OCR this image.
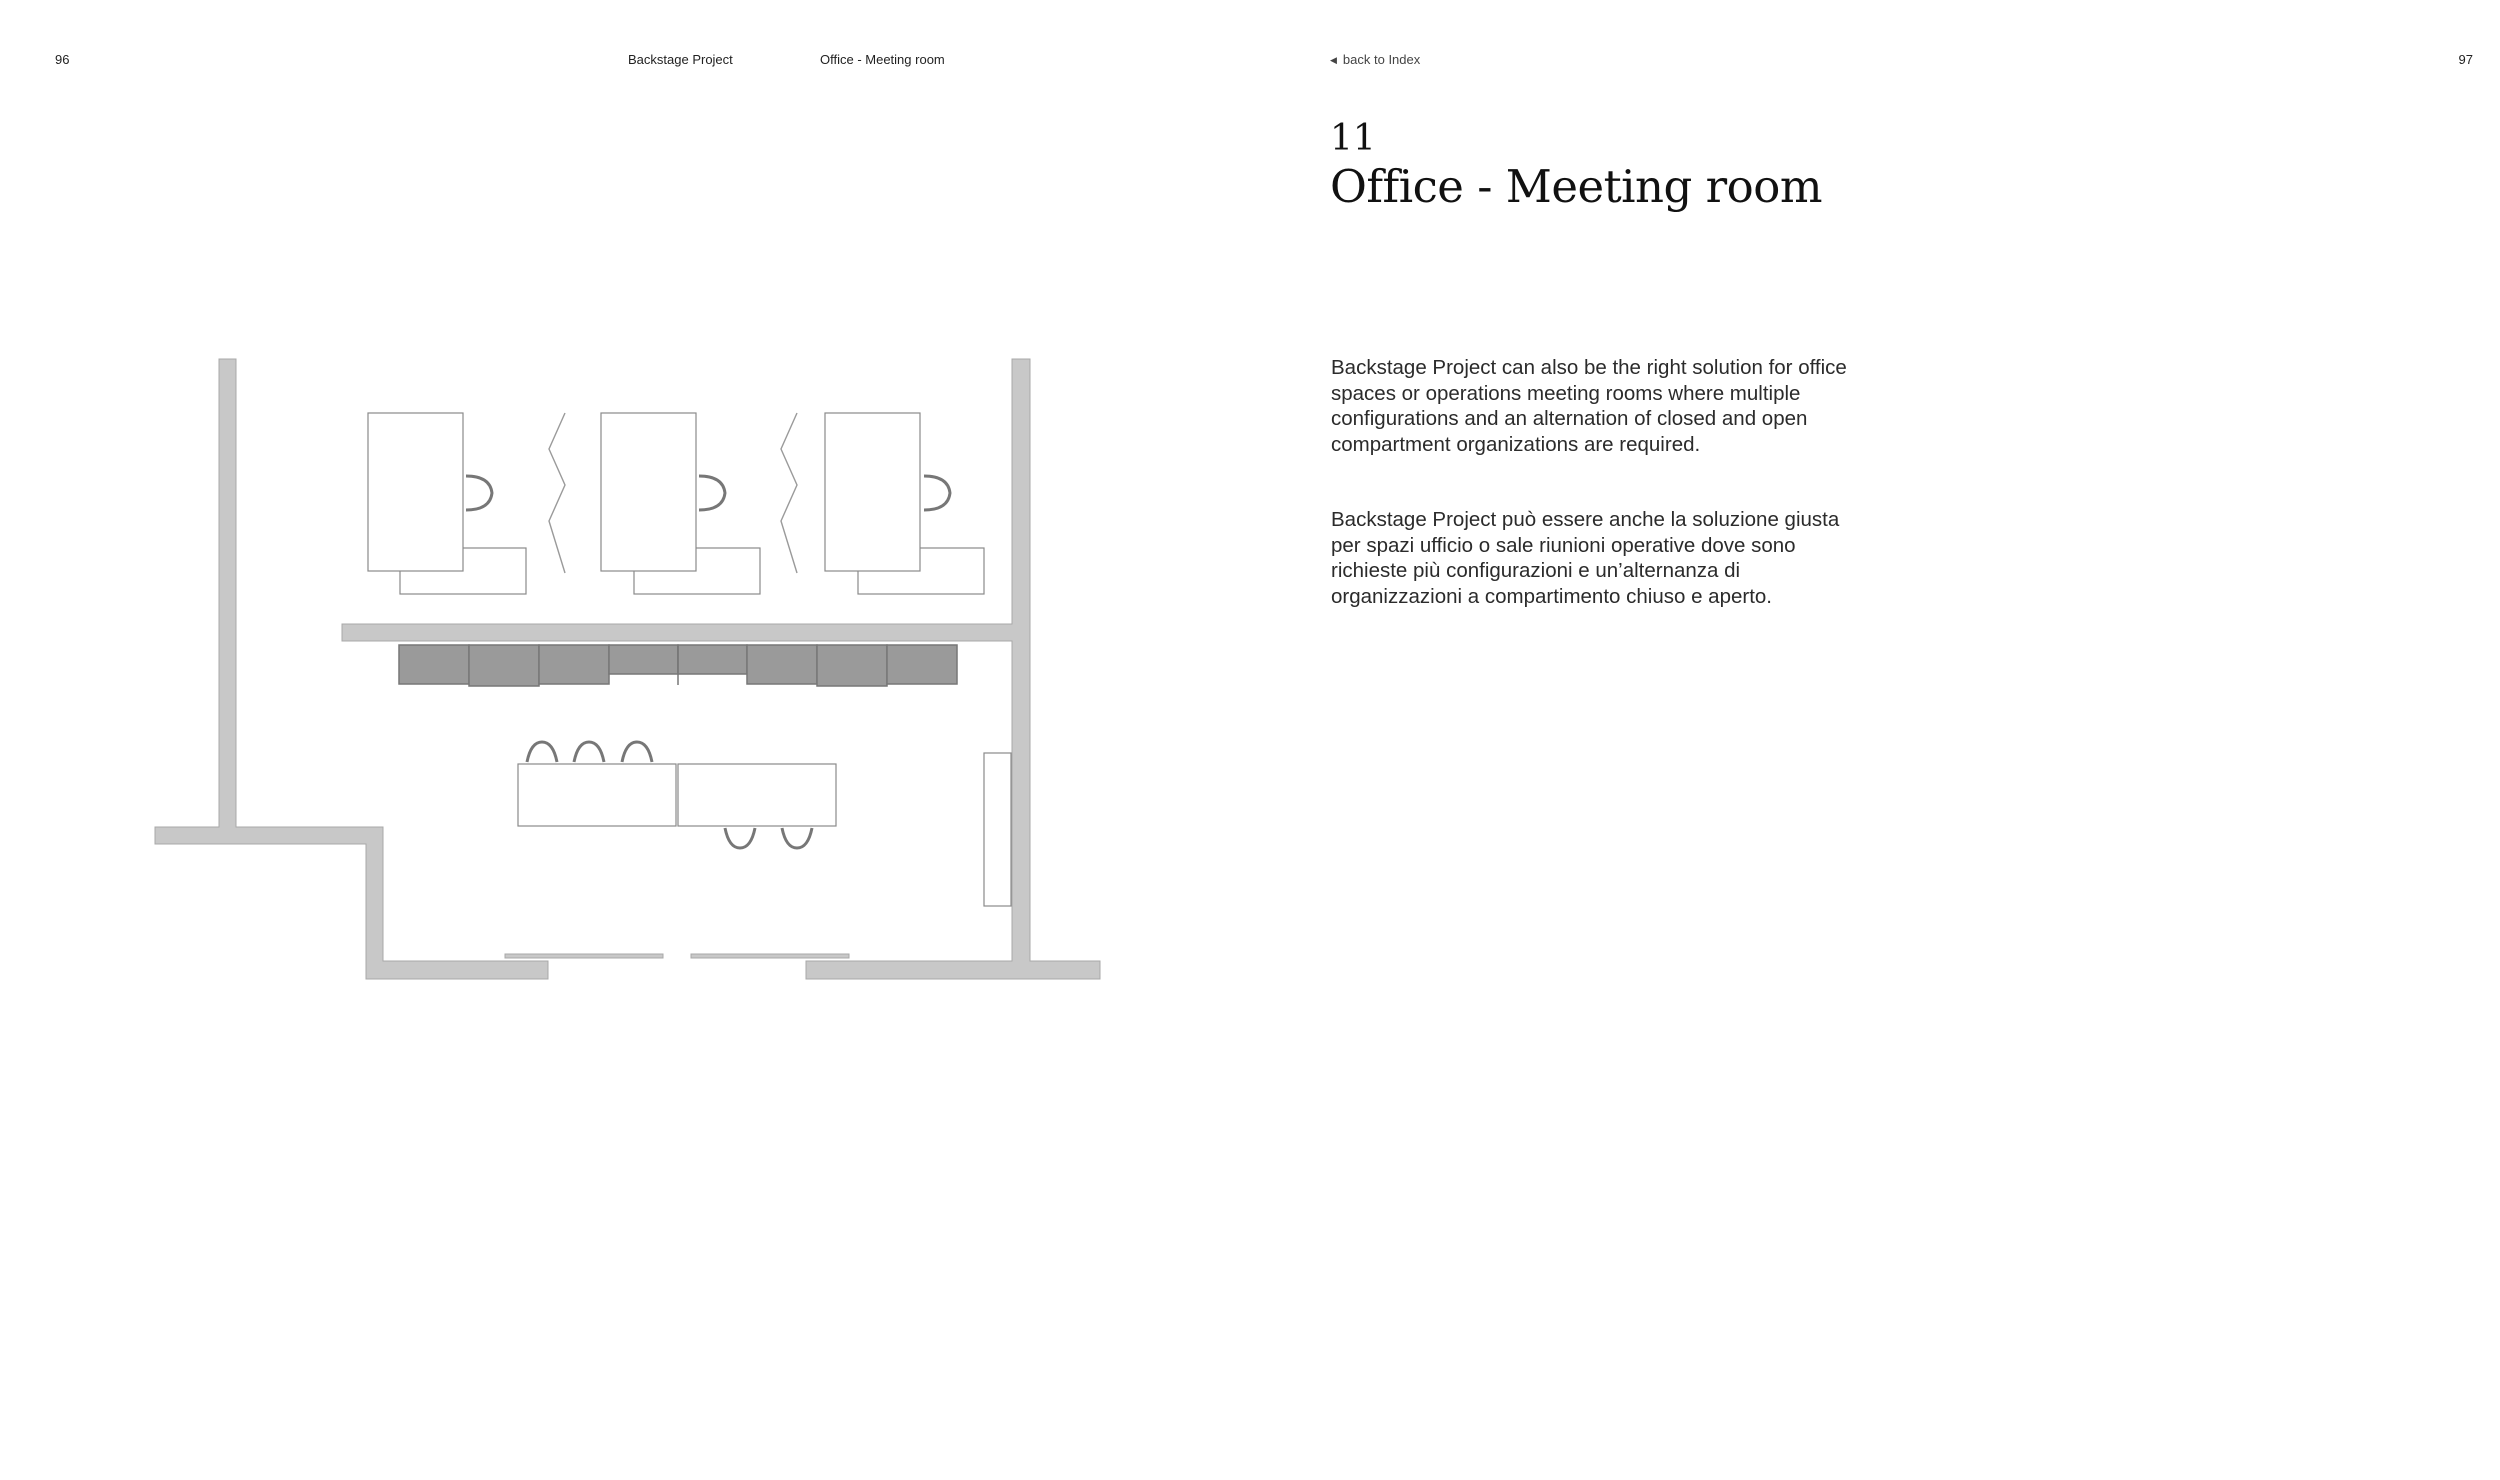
96	Backstage Project	Office - Meeting room	◀ back to Index	97
11
Office - Meeting room
Backstage Project can also be the right solution for office spaces or operations meeting rooms where multiple configurations and an alternation of closed and open compartment organizations are required.
Backstage Project può essere anche la soluzione giusta per spazi ufficio o sale riunioni operative dove sono richieste più configurazioni e un’alternanza di organizzazioni a compartimento chiuso e aperto.
